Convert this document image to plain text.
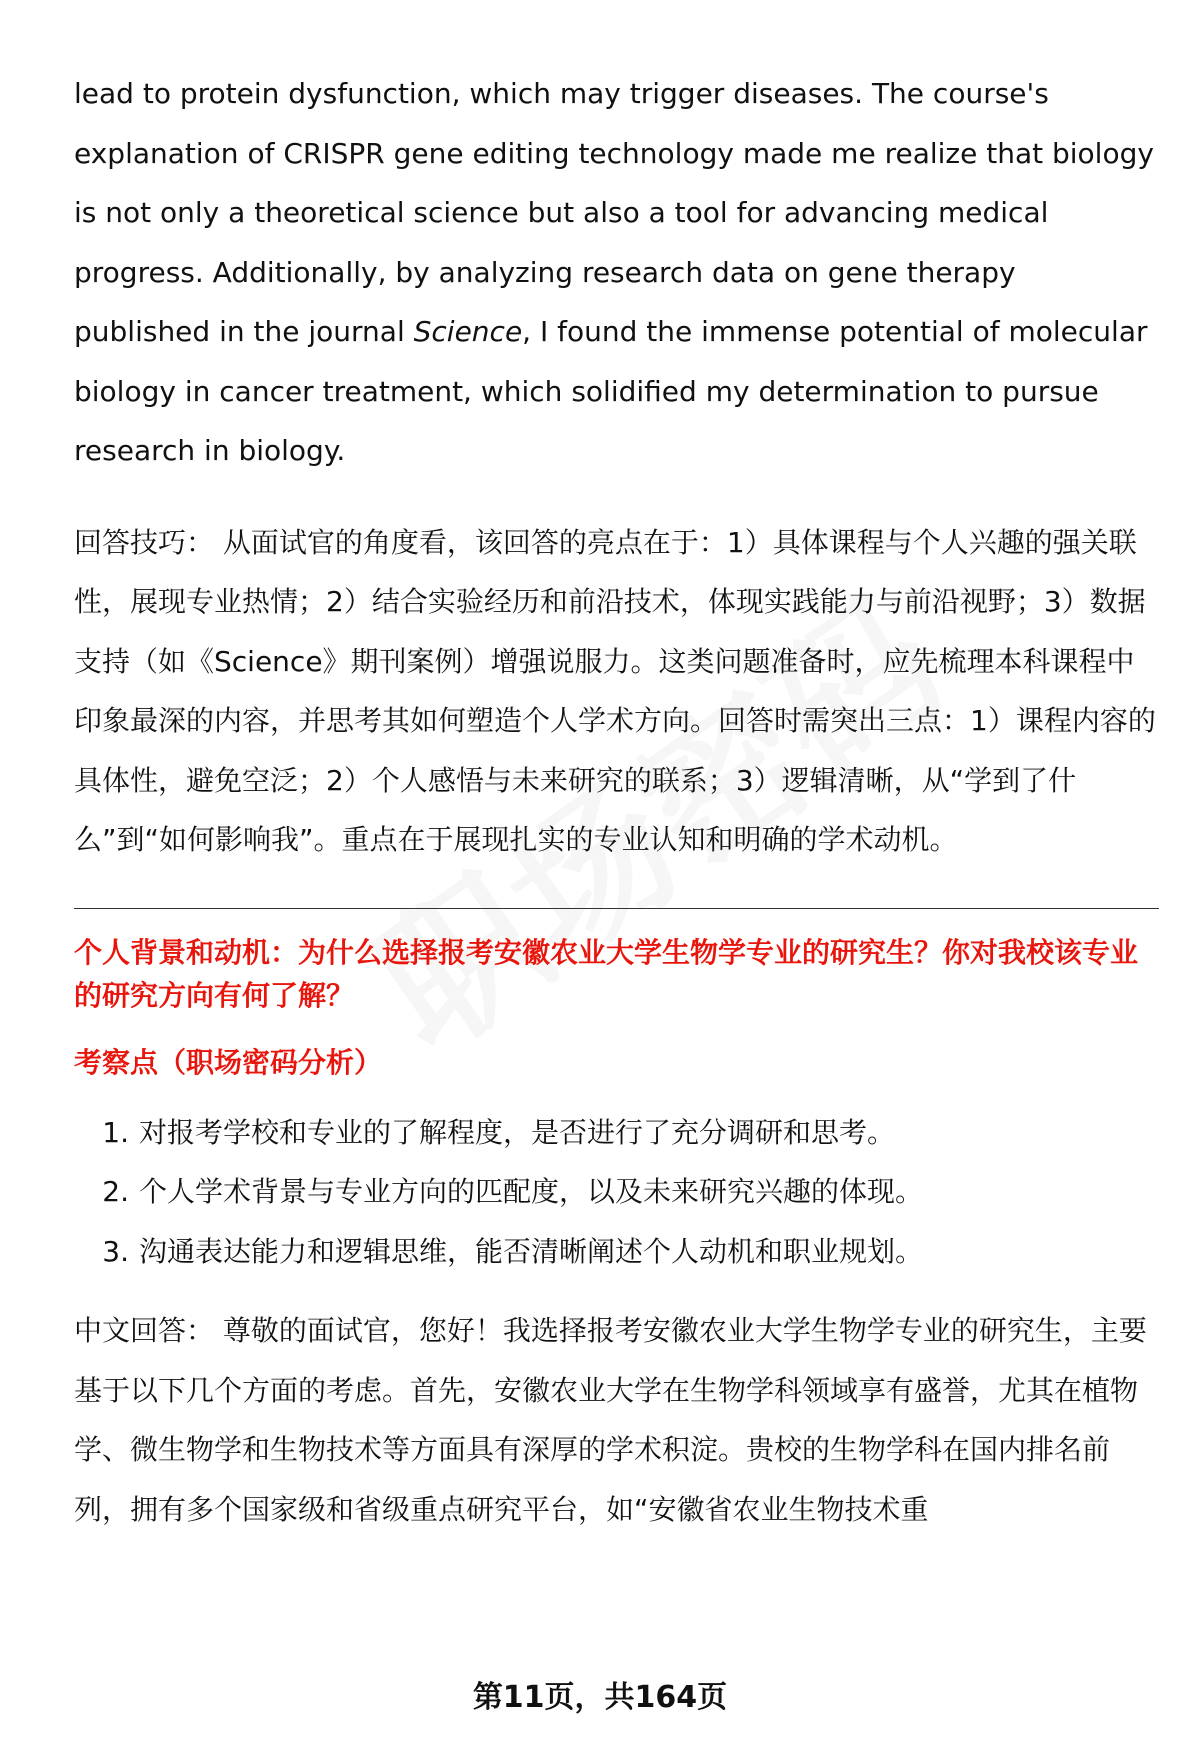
lead to protein dysfunction, which may trigger diseases. The course's explanation of CRISPR gene editing technology made me realize that biology is not only a theoretical science but also a tool for advancing medical progress. Additionally, by analyzing research data on gene therapy published in the journal Science, I found the immense potential of molecular biology in cancer treatment, which solidified my determination to pursue research in biology.

回答技巧： 从面试官的角度看，该回答的亮点在于：1）具体课程与个人兴趣的强关联性，展现专业热情；2）结合实验经历和前沿技术，体现实践能力与前沿视野；3）数据支持（如《Science》期刊案例）增强说服力。这类问题准备时，应先梳理本科课程中印象最深的内容，并思考其如何塑造个人学术方向。回答时需突出三点：1）课程内容的具体性，避免空泛；2）个人感悟与未来研究的联系；3）逻辑清晰，从“学到了什么”到“如何影响我”。重点在于展现扎实的专业认知和明确的学术动机。

个人背景和动机：为什么选择报考安徽农业大学生物学专业的研究生？你对我校该专业的研究方向有何了解？

考察点（职场密码分析）

1. 对报考学校和专业的了解程度，是否进行了充分调研和思考。
2. 个人学术背景与专业方向的匹配度，以及未来研究兴趣的体现。
3. 沟通表达能力和逻辑思维，能否清晰阐述个人动机和职业规划。

中文回答： 尊敬的面试官，您好！我选择报考安徽农业大学生物学专业的研究生，主要基于以下几个方面的考虑。首先，安徽农业大学在生物学科领域享有盛誉，尤其在植物学、微生物学和生物技术等方面具有深厚的学术积淀。贵校的生物学科在国内排名前列，拥有多个国家级和省级重点研究平台，如“安徽省农业生物技术重

第11页，共164页
